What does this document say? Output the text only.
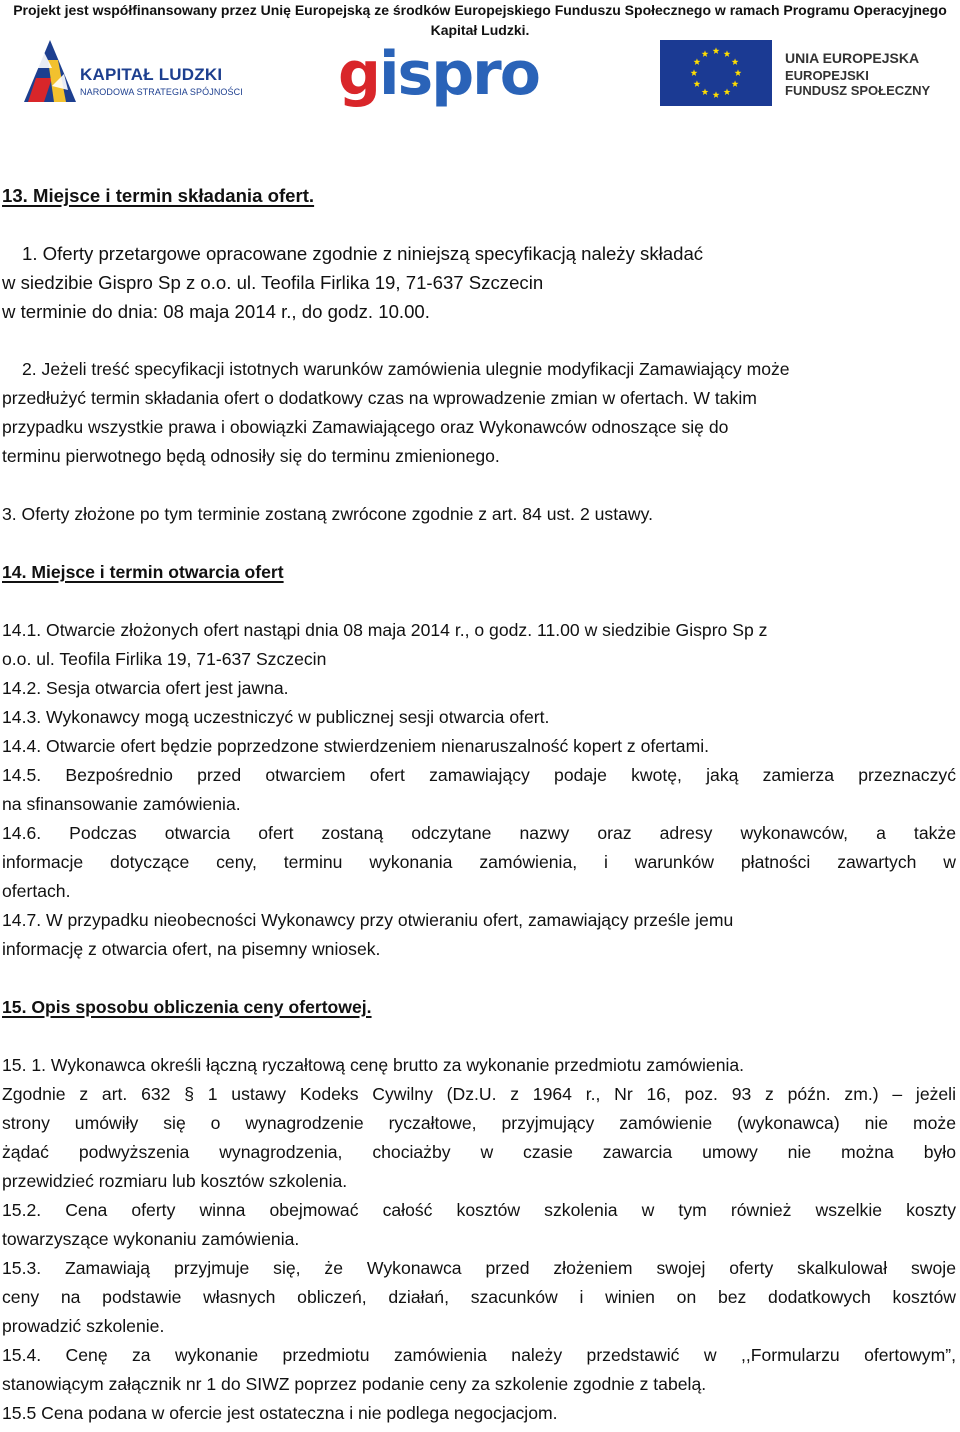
Projekt jest współfinansowany przez Unię Europejską ze środków Europejskiego Funduszu Społecznego w ramach Programu Operacyjnego
Kapitał Ludzki.
KAPITAŁ LUDZKI
NARODOWA STRATEGIA SPÓJNOŚCI gispro	UNIA EUROPEJSKA
EUROPEJSKI
FUNDUSZ SPOŁECZNY

13. Miejsce i termin składania ofert.

1. Oferty przetargowe opracowane zgodnie z niniejszą specyfikacją należy składać

w siedzibie Gispro Sp z o.o. ul. Teofila Firlika 19, 71-637 Szczecin

w terminie do dnia: 08 maja 2014 r., do godz. 10.00.

2. Jeżeli treść specyfikacji istotnych warunków zamówienia ulegnie modyfikacji Zamawiający może

przedłużyć termin składania ofert o dodatkowy czas na wprowadzenie zmian w ofertach. W takim

przypadku wszystkie prawa i obowiązki Zamawiającego oraz Wykonawców odnoszące się do

terminu pierwotnego będą odnosiły się do terminu zmienionego.

3. Oferty złożone po tym terminie zostaną zwrócone zgodnie z art. 84 ust. 2 ustawy.

14. Miejsce i termin otwarcia ofert

14.1. Otwarcie złożonych ofert nastąpi dnia 08 maja 2014 r., o godz. 11.00 w siedzibie Gispro Sp z

o.o. ul. Teofila Firlika 19, 71-637 Szczecin

14.2. Sesja otwarcia ofert jest jawna.

14.3. Wykonawcy mogą uczestniczyć w publicznej sesji otwarcia ofert.

14.4. Otwarcie ofert będzie poprzedzone stwierdzeniem nienaruszalność kopert z ofertami.

14.5. Bezpośrednio przed otwarciem ofert zamawiający podaje kwotę, jaką zamierza przeznaczyć

na sfinansowanie zamówienia.

14.6. Podczas otwarcia ofert zostaną odczytane nazwy oraz adresy wykonawców, a także

informacje dotyczące ceny, terminu wykonania zamówienia, i warunków płatności zawartych w

ofertach.

14.7. W przypadku nieobecności Wykonawcy przy otwieraniu ofert, zamawiający prześle jemu

informację z otwarcia ofert, na pisemny wniosek.

15. Opis sposobu obliczenia ceny ofertowej.

15. 1. Wykonawca określi łączną ryczałtową cenę brutto za wykonanie przedmiotu zamówienia.

Zgodnie z art. 632 § 1 ustawy Kodeks Cywilny (Dz.U. z 1964 r., Nr 16, poz. 93 z późn. zm.) – jeżeli

strony umówiły się o wynagrodzenie ryczałtowe, przyjmujący zamówienie (wykonawca) nie może

żądać podwyższenia wynagrodzenia, chociażby w czasie zawarcia umowy nie można było

przewidzieć rozmiaru lub kosztów szkolenia.

15.2. Cena oferty winna obejmować całość kosztów szkolenia w tym również wszelkie koszty

towarzyszące wykonaniu zamówienia.

15.3. Zamawiają przyjmuje się, że Wykonawca przed złożeniem swojej oferty skalkulował swoje

ceny na podstawie własnych obliczeń, działań, szacunków i winien on bez dodatkowych kosztów

prowadzić szkolenie.

15.4. Cenę za wykonanie przedmiotu zamówienia należy przedstawić w ,,Formularzu ofertowym”,

stanowiącym załącznik nr 1 do SIWZ poprzez podanie ceny za szkolenie zgodnie z tabelą.

15.5 Cena podana w ofercie jest ostateczna i nie podlega negocjacjom.
